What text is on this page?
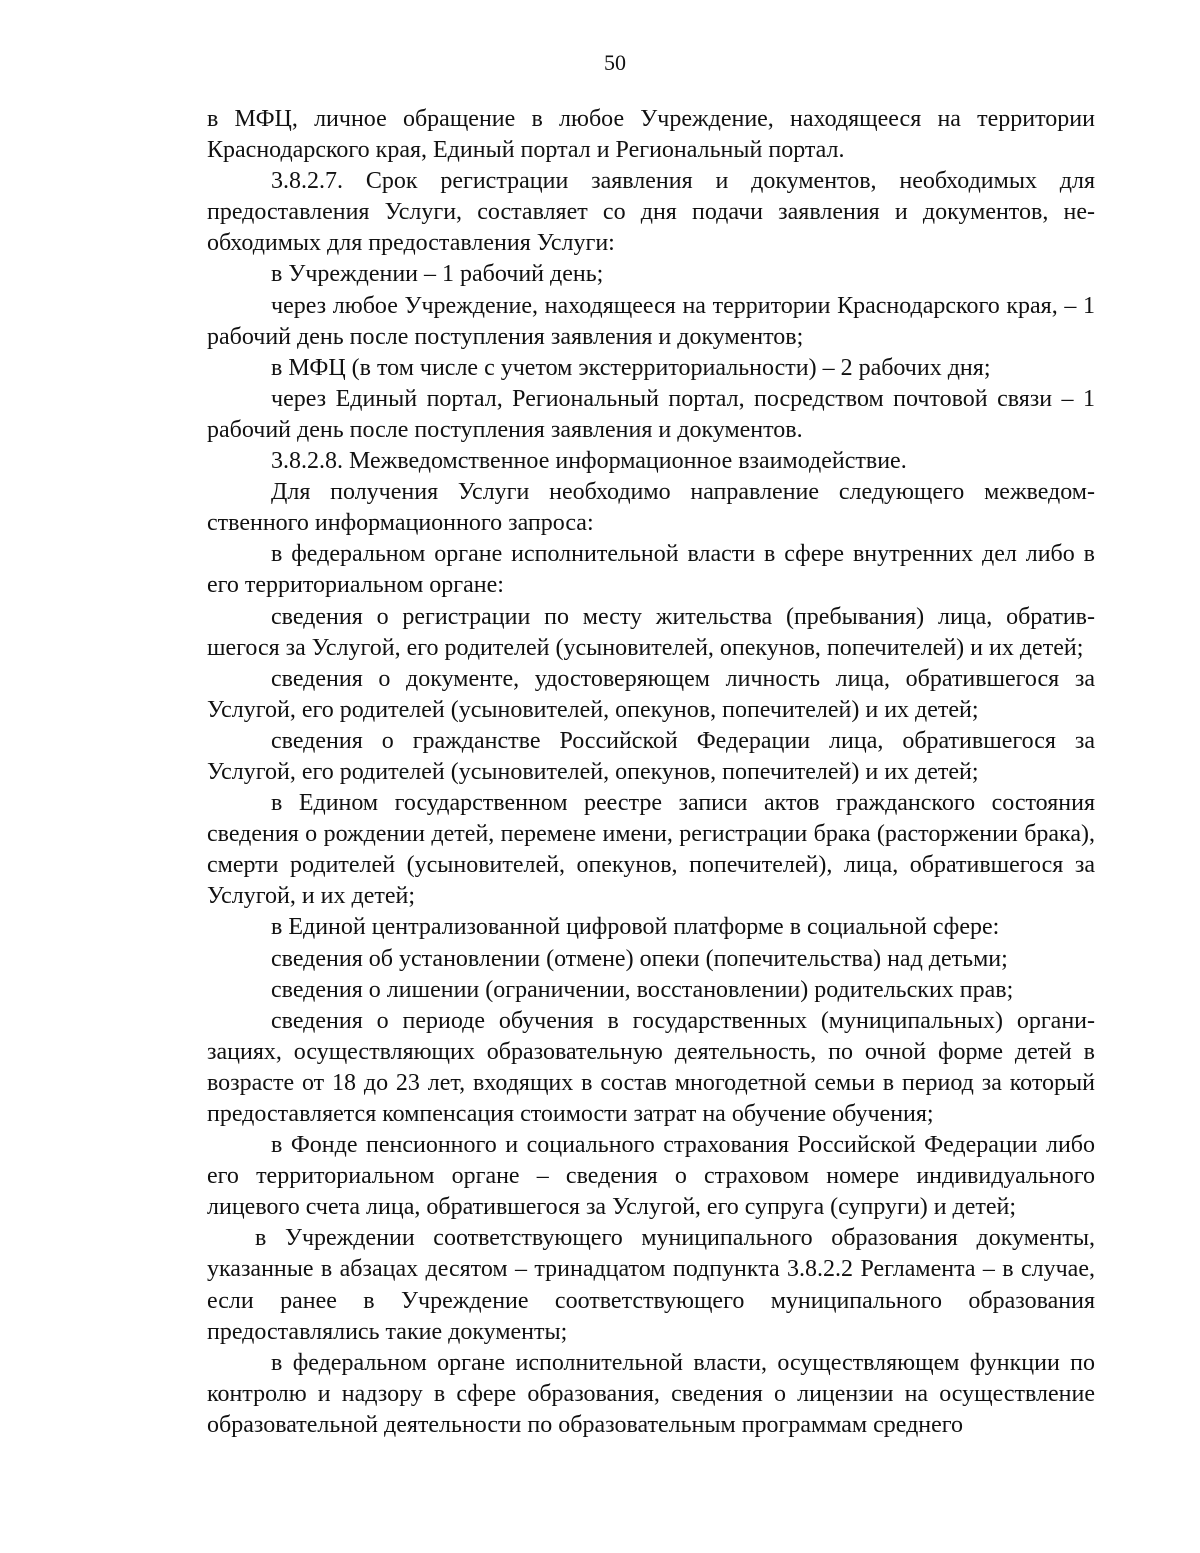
50

в МФЦ, личное обращение в любое Учреждение, находящееся на территории Краснодарского края, Единый портал и Региональный портал.

3.8.2.7. Срок регистрации заявления и документов, необходимых для предоставления Услуги, составляет со дня подачи заявления и документов, необходимых для предоставления Услуги:

в Учреждении – 1 рабочий день;

через любое Учреждение, находящееся на территории Краснодарского края, – 1 рабочий день после поступления заявления и документов;

в МФЦ (в том числе с учетом экстерриториальности) – 2 рабочих дня;

через Единый портал, Региональный портал, посредством почтовой связи – 1 рабочий день после поступления заявления и документов.

3.8.2.8. Межведомственное информационное взаимодействие.

Для получения Услуги необходимо направление следующего межведомственного информационного запроса:

в федеральном органе исполнительной власти в сфере внутренних дел либо в его территориальном органе:

сведения о регистрации по месту жительства (пребывания) лица, обратившегося за Услугой, его родителей (усыновителей, опекунов, попечителей) и их детей;

сведения о документе, удостоверяющем личность лица, обратившегося за Услугой, его родителей (усыновителей, опекунов, попечителей) и их детей;

сведения о гражданстве Российской Федерации лица, обратившегося за Услугой, его родителей (усыновителей, опекунов, попечителей) и их детей;

в Едином государственном реестре записи актов гражданского состояния сведения о рождении детей, перемене имени, регистрации брака (расторжении брака), смерти родителей (усыновителей, опекунов, попечителей), лица, обратившегося за Услугой, и их детей;

в Единой централизованной цифровой платформе в социальной сфере:

сведения об установлении (отмене) опеки (попечительства) над детьми;

сведения о лишении (ограничении, восстановлении) родительских прав;

сведения о периоде обучения в государственных (муниципальных) организациях, осуществляющих образовательную деятельность, по очной форме детей в возрасте от 18 до 23 лет, входящих в состав многодетной семьи в период за который предоставляется компенсация стоимости затрат на обучение обучения;

в Фонде пенсионного и социального страхования Российской Федерации либо его территориальном органе – сведения о страховом номере индивидуального лицевого счета лица, обратившегося за Услугой, его супруга (супруги) и детей;

в Учреждении соответствующего муниципального образования документы, указанные в абзацах десятом – тринадцатом подпункта 3.8.2.2 Регламента – в случае, если ранее в Учреждение соответствующего муниципального образования предоставлялись такие документы;

в федеральном органе исполнительной власти, осуществляющем функции по контролю и надзору в сфере образования, сведения о лицензии на осуществление образовательной деятельности по образовательным программам среднего
